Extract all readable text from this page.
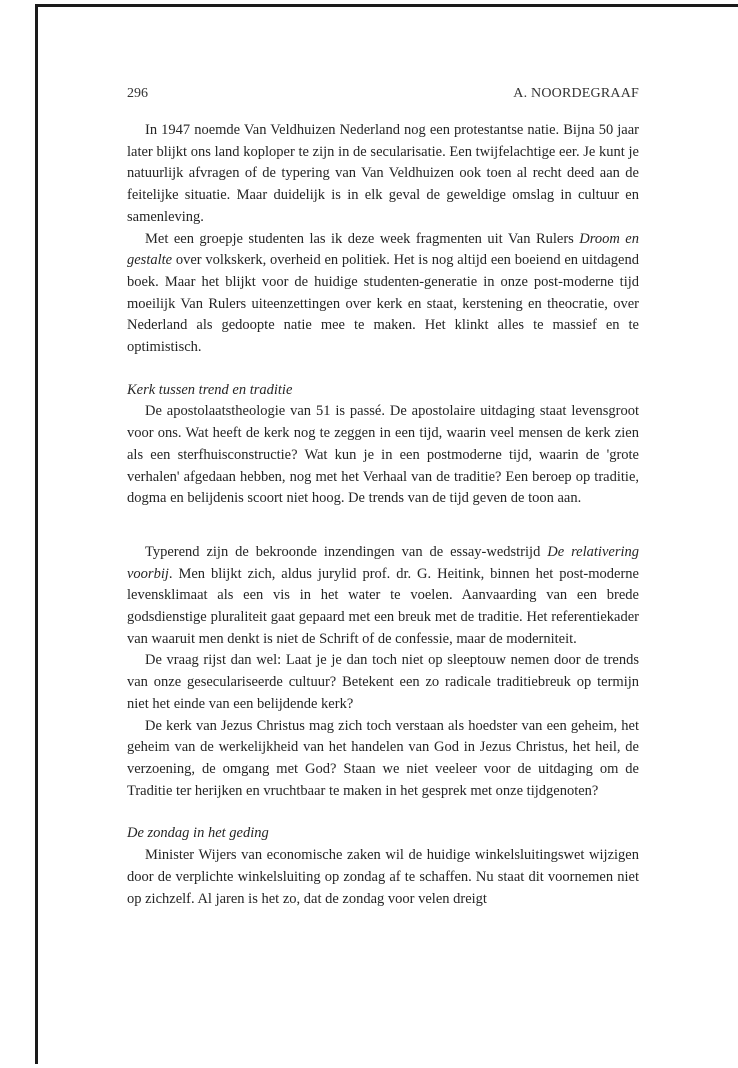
296	A. NOORDEGRAAF

In 1947 noemde Van Veldhuizen Nederland nog een protestantse natie. Bijna 50 jaar later blijkt ons land koploper te zijn in de secularisatie. Een twijfelachtige eer. Je kunt je natuurlijk afvragen of de typering van Van Veldhuizen ook toen al recht deed aan de feitelijke situatie. Maar duidelijk is in elk geval de geweldige omslag in cultuur en samenleving.

Met een groepje studenten las ik deze week fragmenten uit Van Rulers Droom en gestalte over volkskerk, overheid en politiek. Het is nog altijd een boeiend en uitdagend boek. Maar het blijkt voor de huidige studenten-generatie in onze post-moderne tijd moeilijk Van Rulers uiteenzettingen over kerk en staat, kerstening en theocratie, over Nederland als gedoopte natie mee te maken. Het klinkt alles te massief en te optimistisch.

Kerk tussen trend en traditie

De apostolaatstheologie van 51 is passé. De apostolaire uitdaging staat levensgroot voor ons. Wat heeft de kerk nog te zeggen in een tijd, waarin veel mensen de kerk zien als een sterfhuisconstructie? Wat kun je in een postmoderne tijd, waarin de 'grote verhalen' afgedaan hebben, nog met het Verhaal van de traditie? Een beroep op traditie, dogma en belijdenis scoort niet hoog. De trends van de tijd geven de toon aan.

Typerend zijn de bekroonde inzendingen van de essay-wedstrijd De relativering voorbij. Men blijkt zich, aldus jurylid prof. dr. G. Heitink, binnen het post-moderne levensklimaat als een vis in het water te voelen. Aanvaarding van een brede godsdienstige pluraliteit gaat gepaard met een breuk met de traditie. Het referentiekader van waaruit men denkt is niet de Schrift of de confessie, maar de moderniteit.

De vraag rijst dan wel: Laat je je dan toch niet op sleeptouw nemen door de trends van onze geseculariseerde cultuur? Betekent een zo radicale traditiebreuk op termijn niet het einde van een belijdende kerk?

De kerk van Jezus Christus mag zich toch verstaan als hoedster van een geheim, het geheim van de werkelijkheid van het handelen van God in Jezus Christus, het heil, de verzoening, de omgang met God? Staan we niet veeleer voor de uitdaging om de Traditie ter herijken en vruchtbaar te maken in het gesprek met onze tijdgenoten?

De zondag in het geding

Minister Wijers van economische zaken wil de huidige winkelsluitingswet wijzigen door de verplichte winkelsluiting op zondag af te schaffen. Nu staat dit voornemen niet op zichzelf. Al jaren is het zo, dat de zondag voor velen dreigt
